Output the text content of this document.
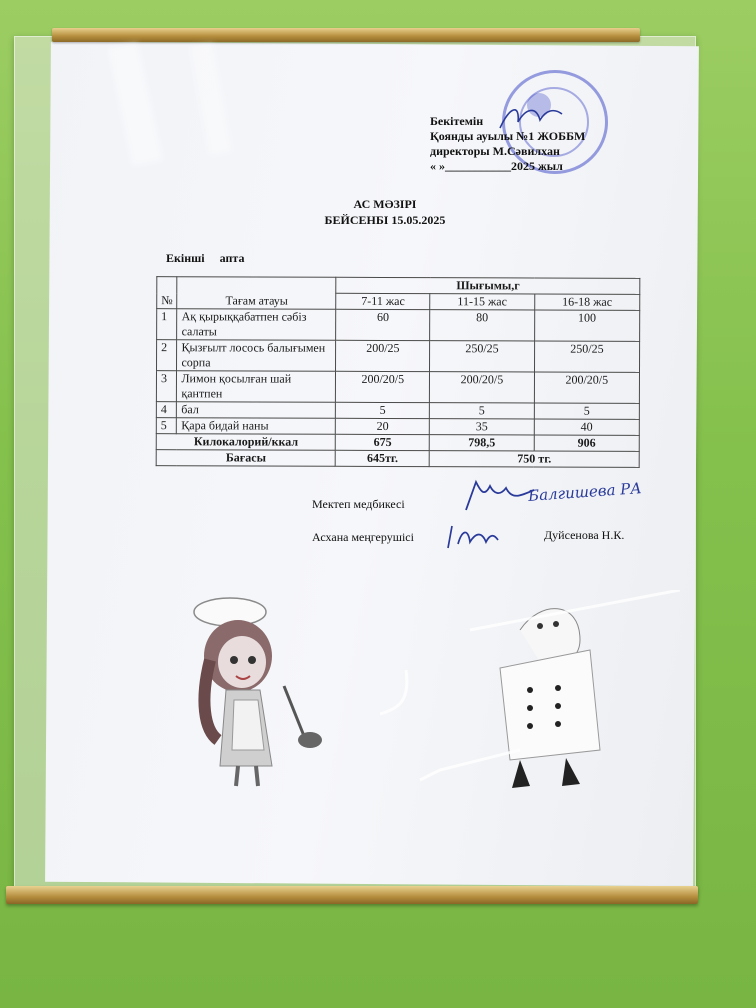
Бекітемін
Қоянды ауылы №1 ЖОББМ
директоры М.Сәвилхан
« »___________2025 жыл
АС МӘЗІРІ
БЕЙСЕНБІ 15.05.2025
Екінші апта
№	Тағам атауы	Шығымы,г		
		7-11 жас	11-15 жас	16-18 жас
1	Ақ қырыққабатпен сәбіз салаты	60	80	100
2	Қызғылт лосось балығымен сорпа	200/25	250/25	250/25
3	Лимон қосылған шай қантпен	200/20/5	200/20/5	200/20/5
4	бал	5	5	5
5	Қара бидай наны	20	35	40
Килокалорий/ккал		675	798,5	906
Бағасы		645тг.	750 тг.	
Мектеп медбикесі	Балгишева РА
Асхана меңгерушісі	Дуйсенова Н.К.
